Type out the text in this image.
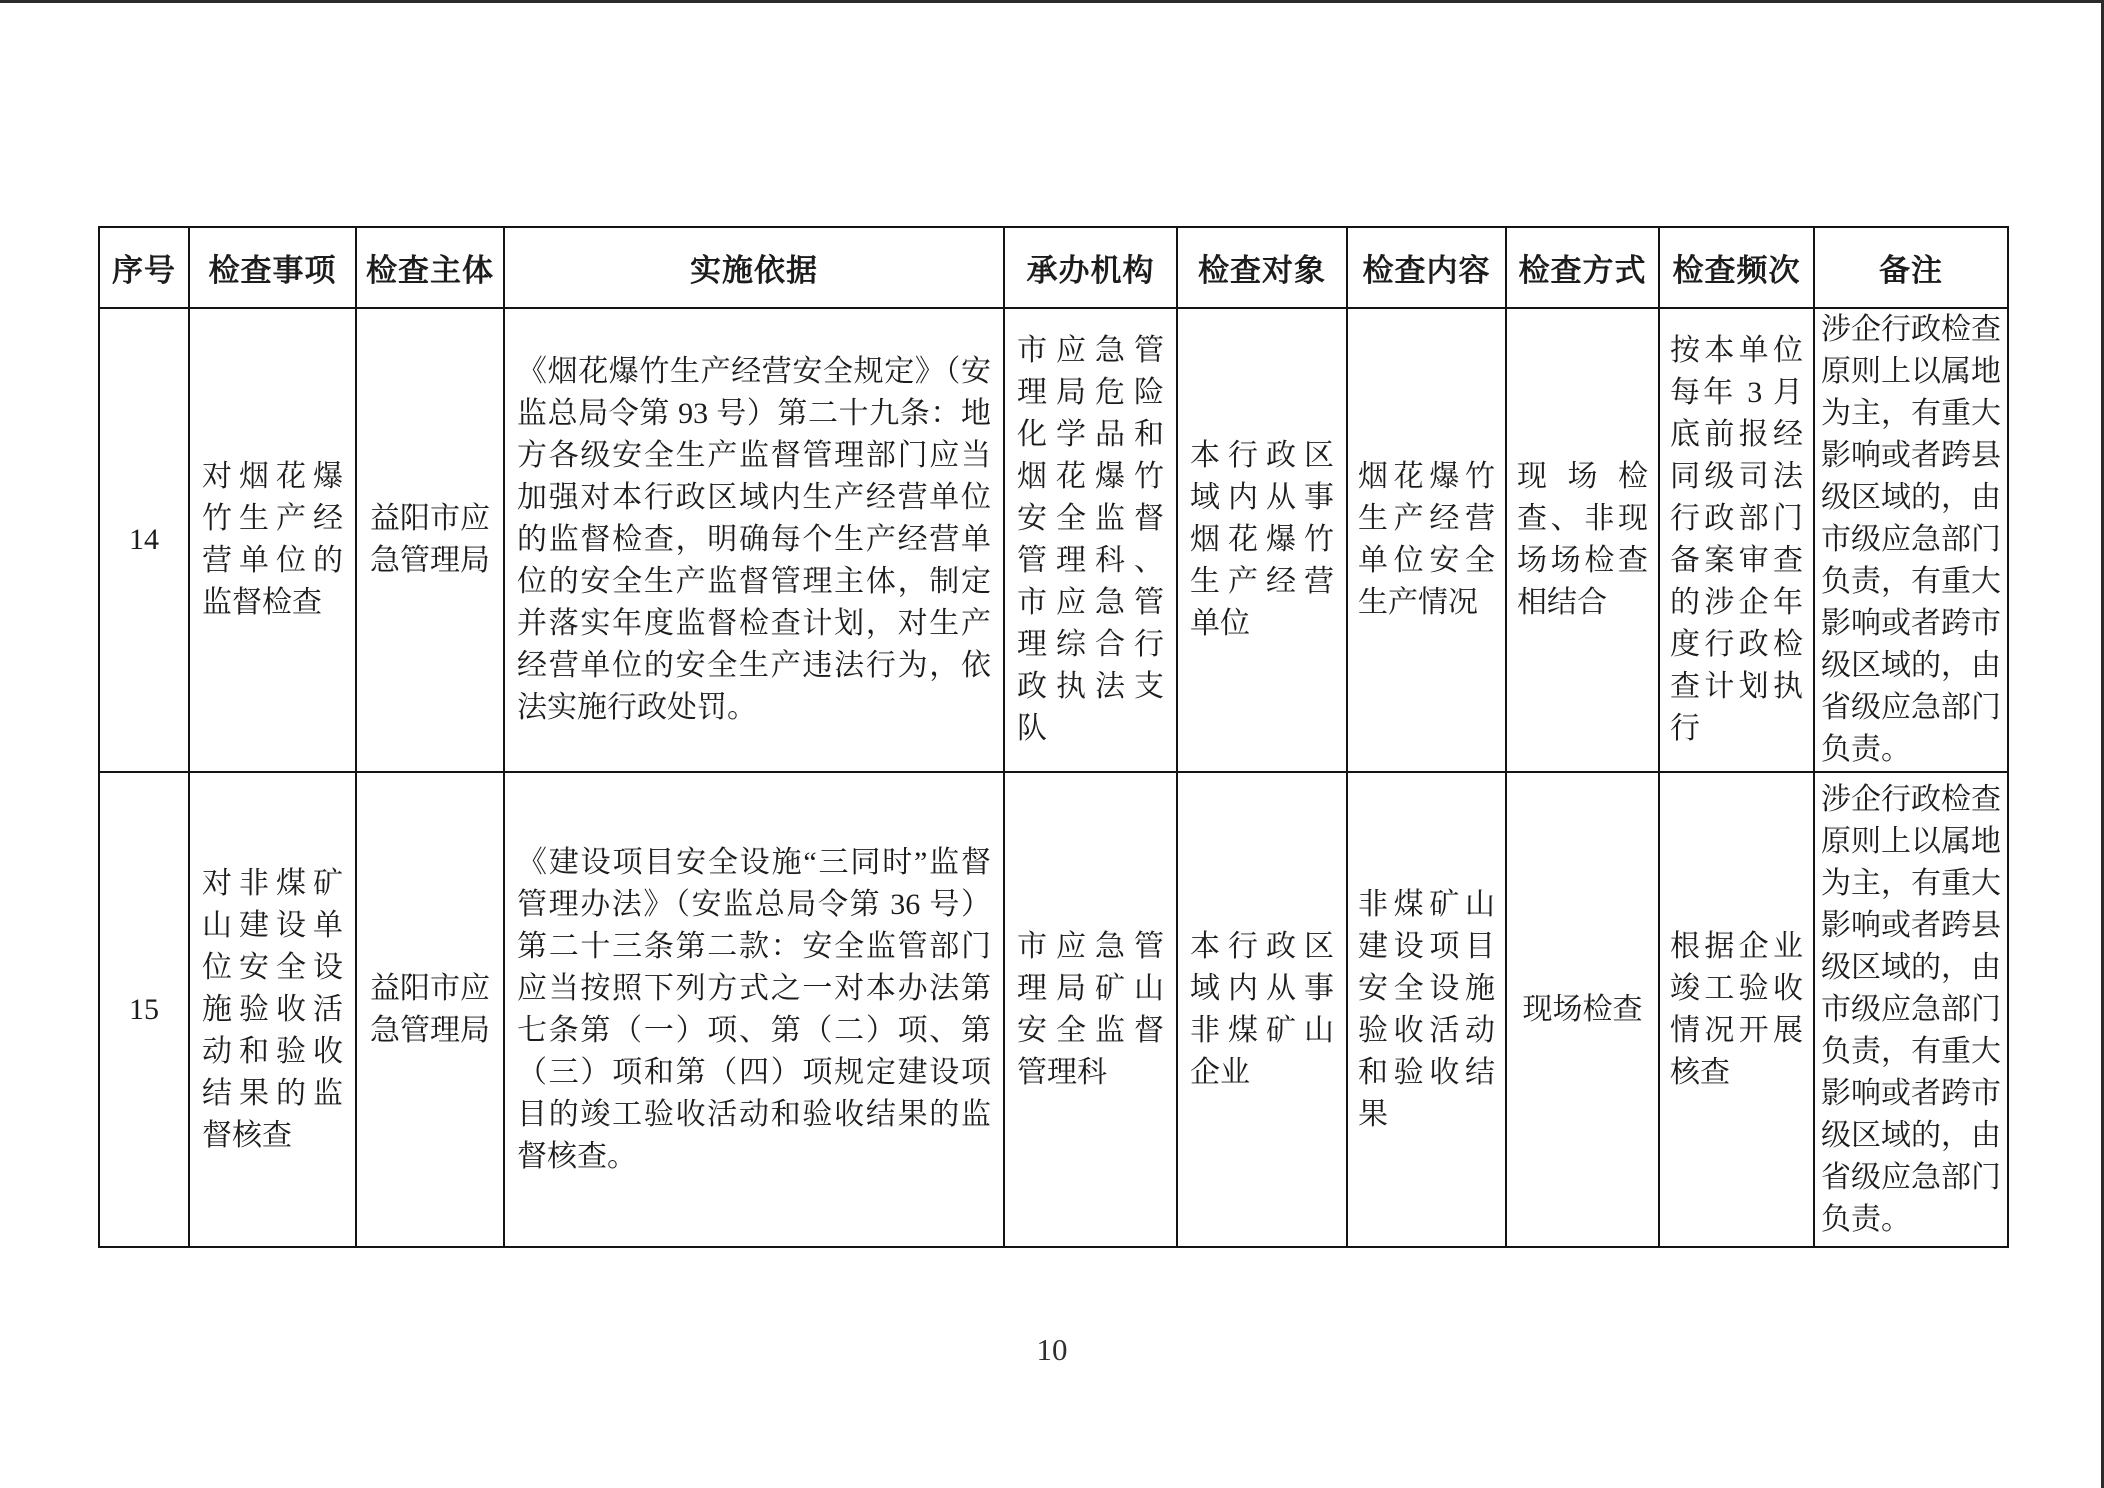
序号	检查事项	检查主体	实施依据	承办机构	检查对象	检查内容	检查方式	检查频次	备注
14	对烟花爆竹生产经营单位的监督检查	益阳市应急管理局	《烟花爆竹生产经营安全规定》（安监总局令第 93 号）第二十九条：地方各级安全生产监督管理部门应当加强对本行政区域内生产经营单位的监督检查，明确每个生产经营单位的安全生产监督管理主体，制定并落实年度监督检查计划，对生产经营单位的安全生产违法行为，依法实施行政处罚。	市应急管理局危险化学品和烟花爆竹安全监督管理科、市应急管理综合行政执法支队	本行政区域内从事烟花爆竹生产经营单位	烟花爆竹生产经营单位安全生产情况	现场检查、非现场场检查相结合	按本单位每年 3 月底前报经同级司法行政部门备案审查的涉企年度行政检查计划执行	涉企行政检查原则上以属地为主，有重大影响或者跨县级区域的，由市级应急部门负责，有重大影响或者跨市级区域的，由省级应急部门负责。
15	对非煤矿山建设单位安全设施验收活动和验收结果的监督核查	益阳市应急管理局	《建设项目安全设施“三同时”监督管理办法》（安监总局令第 36 号）第二十三条第二款：安全监管部门应当按照下列方式之一对本办法第七条第（一）项、第（二）项、第（三）项和第（四）项规定建设项目的竣工验收活动和验收结果的监督核查。	市应急管理局矿山安全监督管理科	本行政区域内从事非煤矿山企业	非煤矿山建设项目安全设施验收活动和验收结果	现场检查	根据企业竣工验收情况开展核查	涉企行政检查原则上以属地为主，有重大影响或者跨县级区域的，由市级应急部门负责，有重大影响或者跨市级区域的，由省级应急部门负责。
10
